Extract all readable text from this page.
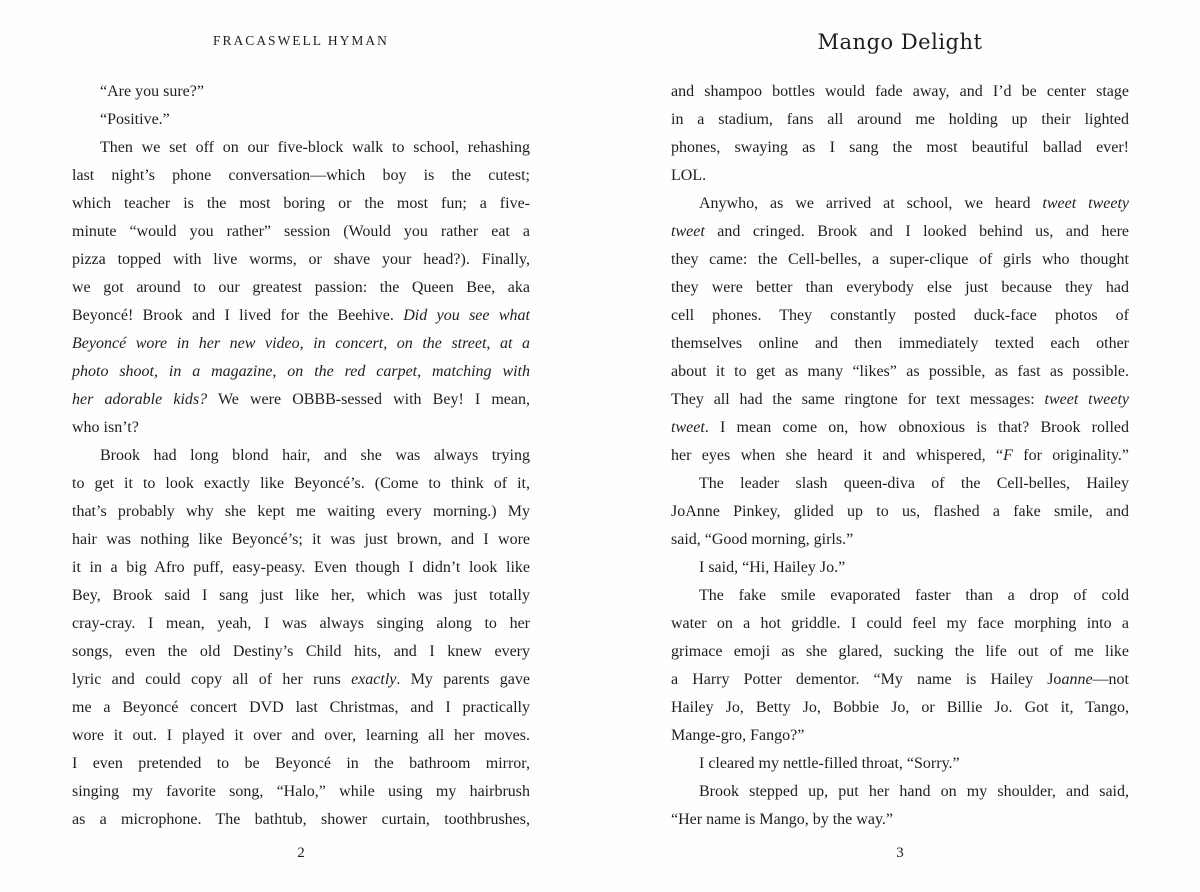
FRACASWELL HYMAN
“Are you sure?”
“Positive.”
Then we set off on our five-block walk to school, rehashing
last night’s phone conversation—which boy is the cutest;
which teacher is the most boring or the most fun; a five-
minute “would you rather” session (Would you rather eat a
pizza topped with live worms, or shave your head?). Finally,
we got around to our greatest passion: the Queen Bee, aka
Beyoncé! Brook and I lived for the Beehive. Did you see what
Beyoncé wore in her new video, in concert, on the street, at a
photo shoot, in a magazine, on the red carpet, matching with
her adorable kids? We were OBBB-sessed with Bey! I mean,
who isn’t?
Brook had long blond hair, and she was always trying
to get it to look exactly like Beyoncé’s. (Come to think of it,
that’s probably why she kept me waiting every morning.) My
hair was nothing like Beyoncé’s; it was just brown, and I wore
it in a big Afro puff, easy-peasy. Even though I didn’t look like
Bey, Brook said I sang just like her, which was just totally
cray-cray. I mean, yeah, I was always singing along to her
songs, even the old Destiny’s Child hits, and I knew every
lyric and could copy all of her runs exactly. My parents gave
me a Beyoncé concert DVD last Christmas, and I practically
wore it out. I played it over and over, learning all her moves.
I even pretended to be Beyoncé in the bathroom mirror,
singing my favorite song, “Halo,” while using my hairbrush
as a microphone. The bathtub, shower curtain, toothbrushes,
2
Mango Delight
and shampoo bottles would fade away, and I’d be center stage
in a stadium, fans all around me holding up their lighted
phones, swaying as I sang the most beautiful ballad ever!
LOL.
Anywho, as we arrived at school, we heard tweet tweety
tweet and cringed. Brook and I looked behind us, and here
they came: the Cell-belles, a super-clique of girls who thought
they were better than everybody else just because they had
cell phones. They constantly posted duck-face photos of
themselves online and then immediately texted each other
about it to get as many “likes” as possible, as fast as possible.
They all had the same ringtone for text messages: tweet tweety
tweet. I mean come on, how obnoxious is that? Brook rolled
her eyes when she heard it and whispered, “F for originality.”
The leader slash queen-diva of the Cell-belles, Hailey
JoAnne Pinkey, glided up to us, flashed a fake smile, and
said, “Good morning, girls.”
I said, “Hi, Hailey Jo.”
The fake smile evaporated faster than a drop of cold
water on a hot griddle. I could feel my face morphing into a
grimace emoji as she glared, sucking the life out of me like
a Harry Potter dementor. “My name is Hailey Joanne—not
Hailey Jo, Betty Jo, Bobbie Jo, or Billie Jo. Got it, Tango,
Mange-gro, Fango?”
I cleared my nettle-filled throat, “Sorry.”
Brook stepped up, put her hand on my shoulder, and said,
“Her name is Mango, by the way.”
3
